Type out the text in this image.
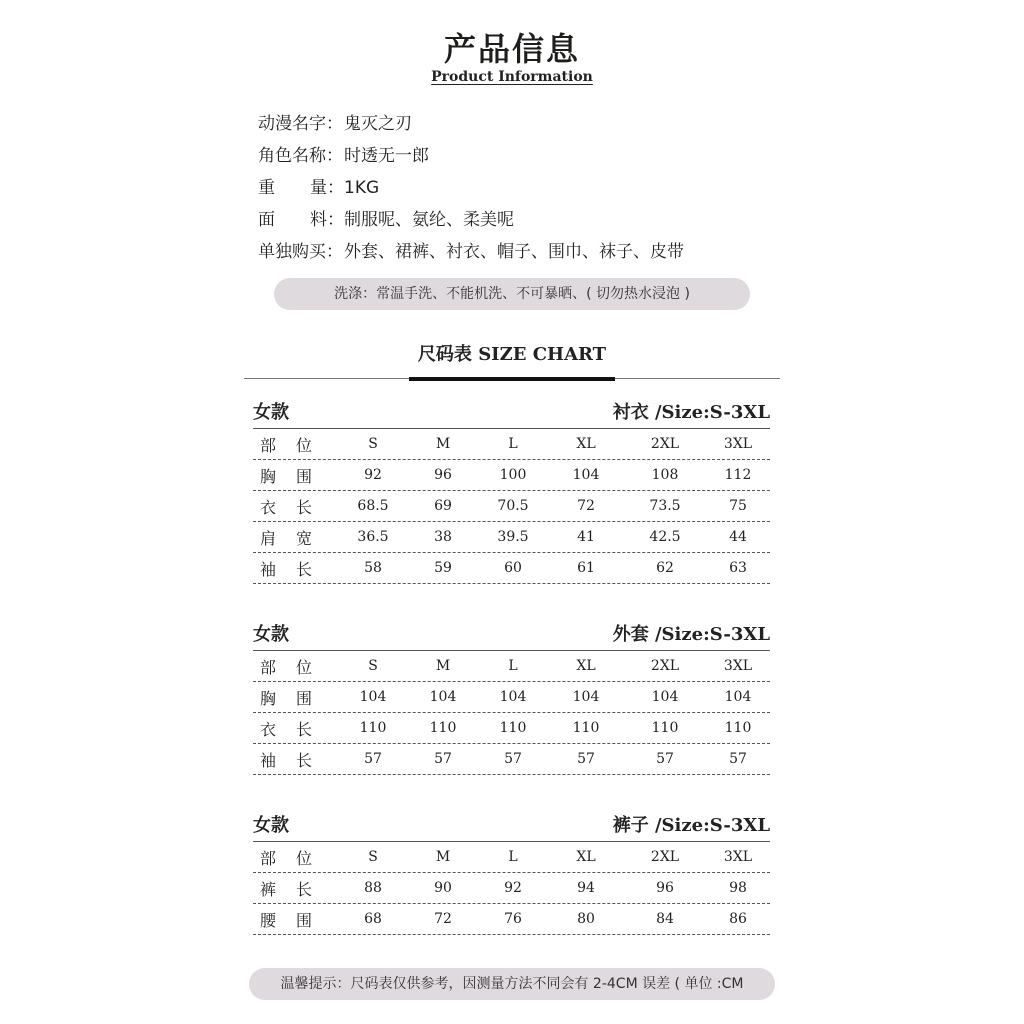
产品信息
Product Information
动漫名字：鬼灭之刃
角色名称：时透无一郎
重 量： 1KG
面 料： 制服呢、氨纶、柔美呢
单独购买：外套、裙裤、衬衣、帽子、围巾、袜子、皮带
洗涤：常温手洗、不能机洗、不可暴晒、( 切勿热水浸泡 )
尺码表 SIZE CHART
女款	衬衣 /Size:S-3XL
部 位	S	M	L	XL	2XL	3XL
胸 围	92	96	100	104	108	112
衣 长	68.5	69	70.5	72	73.5	75
肩 宽	36.5	38	39.5	41	42.5	44
袖 长	58	59	60	61	62	63
女款	外套 /Size:S-3XL
部 位	S	M	L	XL	2XL	3XL
胸 围	104	104	104	104	104	104
衣 长	110	110	110	110	110	110
袖 长	57	57	57	57	57	57
女款	裤子 /Size:S-3XL
部 位	S	M	L	XL	2XL	3XL
裤 长	88	90	92	94	96	98
腰 围	68	72	76	80	84	86
温馨提示：尺码表仅供参考，因测量方法不同会有 2-4CM 误差 ( 单位 :CM
